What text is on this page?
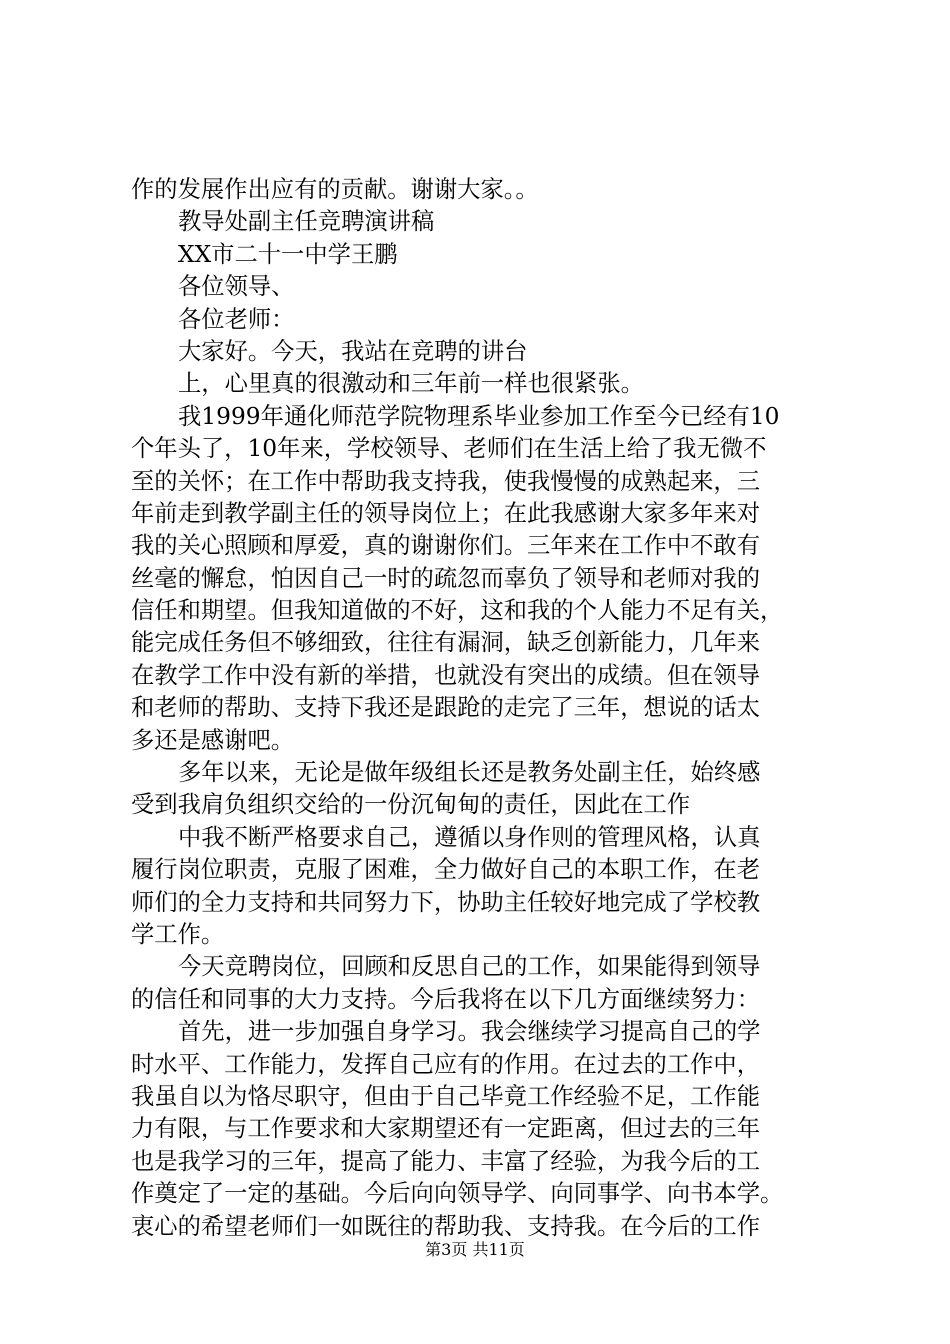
作的发展作出应有的贡献。谢谢大家。。
教导处副主任竞聘演讲稿
XX市二十一中学王鹏
各位领导、
各位老师：
大家好。今天，我站在竞聘的讲台
上，心里真的很激动和三年前一样也很紧张。
我1999年通化师范学院物理系毕业参加工作至今已经有10
个年头了，10年来，学校领导、老师们在生活上给了我无微不
至的关怀；在工作中帮助我支持我，使我慢慢的成熟起来，三
年前走到教学副主任的领导岗位上；在此我感谢大家多年来对
我的关心照顾和厚爱，真的谢谢你们。三年来在工作中不敢有
丝毫的懈怠，怕因自己一时的疏忽而辜负了领导和老师对我的
信任和期望。但我知道做的不好，这和我的个人能力不足有关，
能完成任务但不够细致，往往有漏洞，缺乏创新能力，几年来
在教学工作中没有新的举措，也就没有突出的成绩。但在领导
和老师的帮助、支持下我还是跟跄的走完了三年，想说的话太
多还是感谢吧。
多年以来，无论是做年级组长还是教务处副主任，始终感
受到我肩负组织交给的一份沉甸甸的责任，因此在工作
中我不断严格要求自己，遵循以身作则的管理风格，认真
履行岗位职责，克服了困难，全力做好自己的本职工作，在老
师们的全力支持和共同努力下，协助主任较好地完成了学校教
学工作。
今天竞聘岗位，回顾和反思自己的工作，如果能得到领导
的信任和同事的大力支持。今后我将在以下几方面继续努力：
首先，进一步加强自身学习。我会继续学习提高自己的学
时水平、工作能力，发挥自己应有的作用。在过去的工作中，
我虽自以为恪尽职守，但由于自己毕竟工作经验不足，工作能
力有限，与工作要求和大家期望还有一定距离，但过去的三年
也是我学习的三年，提高了能力、丰富了经验，为我今后的工
作奠定了一定的基础。今后向向领导学、向同事学、向书本学。
衷心的希望老师们一如既往的帮助我、支持我。在今后的工作
第3页 共11页
